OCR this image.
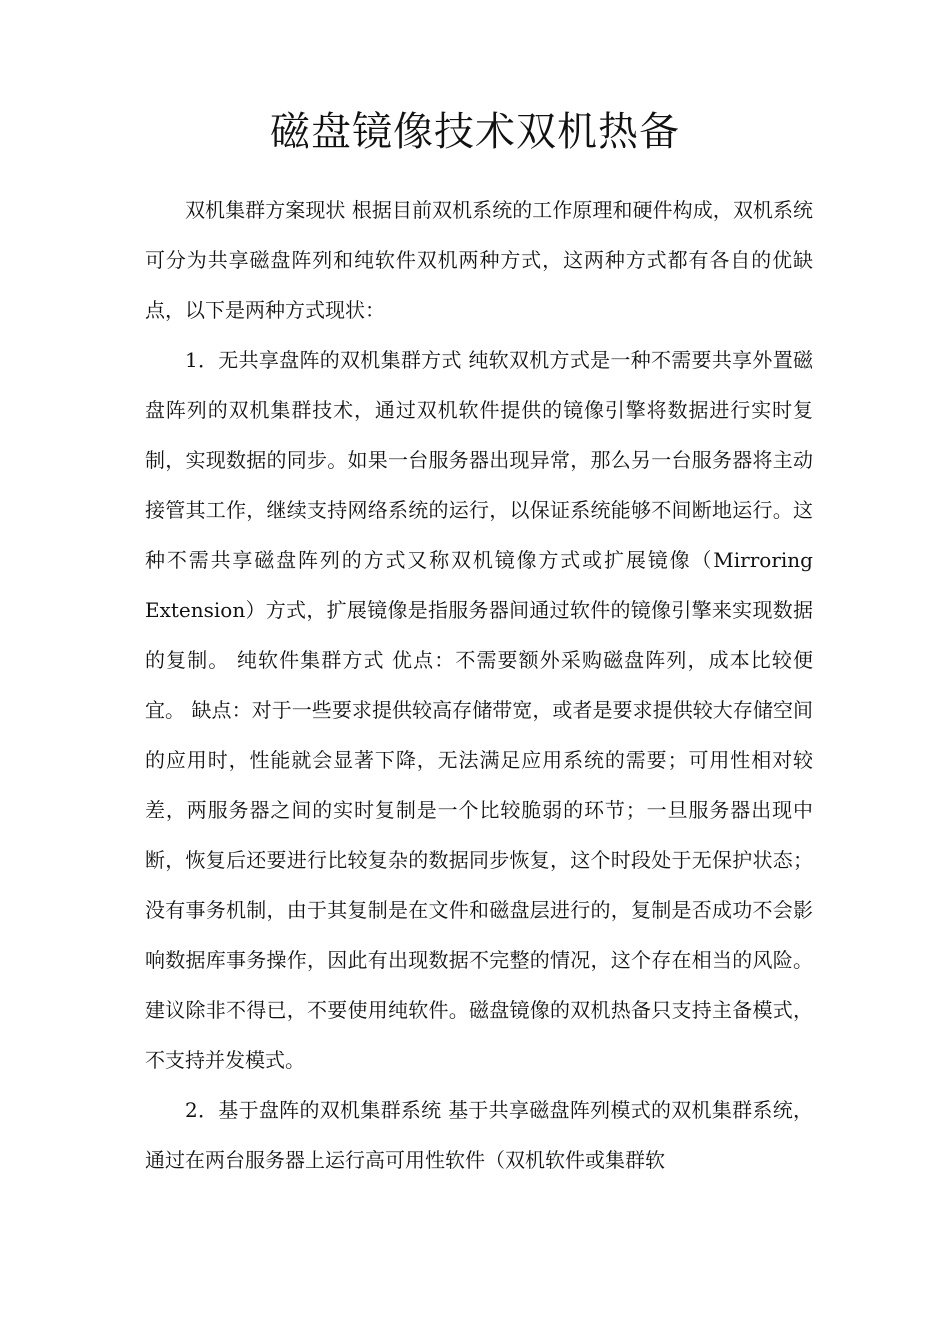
磁盘镜像技术双机热备

双机集群方案现状 根据目前双机系统的工作原理和硬件构成，双机系统可分为共享磁盘阵列和纯软件双机两种方式，这两种方式都有各自的优缺点，以下是两种方式现状：

1．无共享盘阵的双机集群方式 纯软双机方式是一种不需要共享外置磁盘阵列的双机集群技术，通过双机软件提供的镜像引擎将数据进行实时复制，实现数据的同步。如果一台服务器出现异常，那么另一台服务器将主动接管其工作，继续支持网络系统的运行，以保证系统能够不间断地运行。这种不需共享磁盘阵列的方式又称双机镜像方式或扩展镜像（Mirroring Extension）方式，扩展镜像是指服务器间通过软件的镜像引擎来实现数据的复制。 纯软件集群方式 优点：不需要额外采购磁盘阵列，成本比较便宜。 缺点：对于一些要求提供较高存储带宽，或者是要求提供较大存储空间的应用时，性能就会显著下降，无法满足应用系统的需要；可用性相对较差，两服务器之间的实时复制是一个比较脆弱的环节；一旦服务器出现中断，恢复后还要进行比较复杂的数据同步恢复，这个时段处于无保护状态；没有事务机制，由于其复制是在文件和磁盘层进行的，复制是否成功不会影响数据库事务操作，因此有出现数据不完整的情况，这个存在相当的风险。建议除非不得已，不要使用纯软件。磁盘镜像的双机热备只支持主备模式，不支持并发模式。

2．基于盘阵的双机集群系统 基于共享磁盘阵列模式的双机集群系统，通过在两台服务器上运行高可用性软件（双机软件或集群软
